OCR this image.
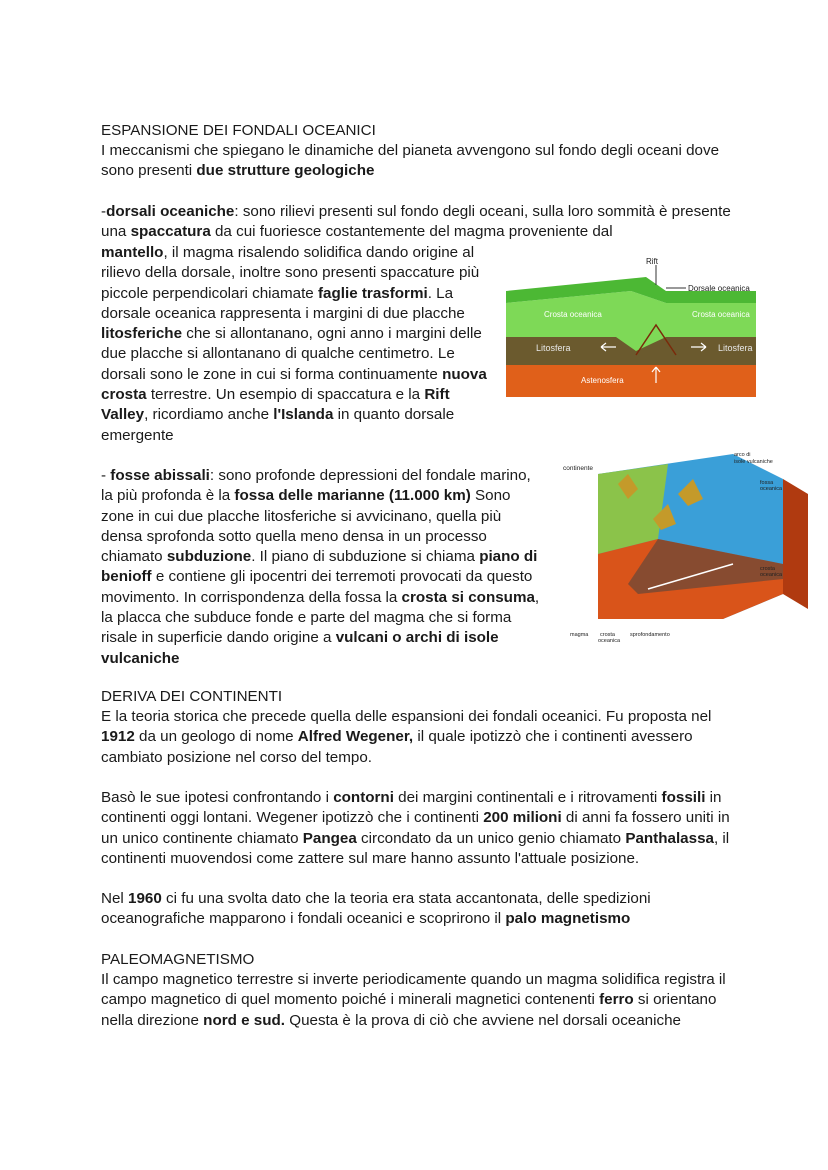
ESPANSIONE DEI FONDALI OCEANICI

I meccanismi che spiegano le dinamiche del pianeta avvengono sul fondo degli oceani dove sono presenti due strutture geologiche

-dorsali oceaniche: sono rilievi presenti sul fondo degli oceani, sulla loro sommità è presente una spaccatura da cui fuoriesce costantemente del magma proveniente dal

mantello, il magma risalendo solidifica dando origine al rilievo della dorsale, inoltre sono presenti spaccature più piccole perpendicolari chiamate faglie trasformi. La dorsale oceanica rappresenta i margini di due placche litosferiche che si allontanano, ogni anno i margini delle due placche si allontanano di qualche centimetro. Le dorsali sono le zone in cui si forma continuamente nuova crosta terrestre. Un esempio di spaccatura e la Rift Valley, ricordiamo anche l'Islanda in quanto dorsale emergente

Rift
Dorsale oceanica
Crosta oceanica	Crosta oceanica
Litosfera	Litosfera
Astenosfera

- fosse abissali: sono profonde depressioni del fondale marino, la più profonda è la fossa delle marianne (11.000 km) Sono zone in cui due placche litosferiche si avvicinano, quella più densa sprofonda sotto quella meno densa in un processo chiamato subduzione. Il piano di subduzione si chiama piano di benioff e contiene gli ipocentri dei terremoti provocati da questo movimento. In corrispondenza della fossa la crosta si consuma, la placca che subduce fonde e parte del magma che si forma risale in superficie dando origine a vulcani o archi di isole vulcaniche

continente
arco di
isole vulcaniche
fossa
oceanica
crosta
oceanica
magma crosta
oceanica
sprofondamento
DERIVA DEI CONTINENTI

E la teoria storica che precede quella delle espansioni dei fondali oceanici. Fu proposta nel 1912 da un geologo di nome Alfred Wegener, il quale ipotizzò che i continenti avessero cambiato posizione nel corso del tempo.

Basò le sue ipotesi confrontando i contorni dei margini continentali e i ritrovamenti fossili in continenti oggi lontani. Wegener ipotizzò che i continenti 200 milioni di anni fa fossero uniti in un unico continente chiamato Pangea circondato da un unico genio chiamato Panthalassa, il continenti muovendosi come zattere sul mare hanno assunto l'attuale posizione.

Nel 1960 ci fu una svolta dato che la teoria era stata accantonata, delle spedizioni oceanografiche mapparono i fondali oceanici e scoprirono il palo magnetismo

PALEOMAGNETISMO

Il campo magnetico terrestre si inverte periodicamente quando un magma solidifica registra il campo magnetico di quel momento poiché i minerali magnetici contenenti ferro si orientano nella direzione nord e sud. Questa è la prova di ciò che avviene nel dorsali oceaniche
